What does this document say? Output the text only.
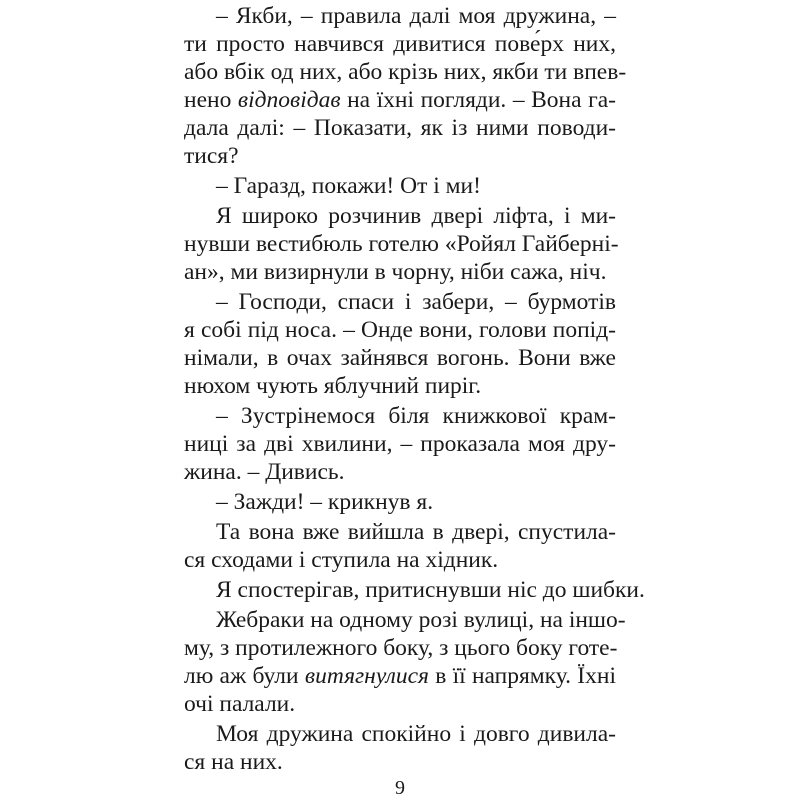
– Якби, – правила далі моя дружина, –
ти просто навчився дивитися пове́рх них,
або вбік од них, або крізь них, якби ти впев-
нено відповідав на їхні погляди. – Вона га-
дала далі: – Показати, як із ними поводи-
тися?
– Гаразд, покажи! От і ми!
Я широко розчинив двері ліфта, і ми-
нувши вестибюль готелю «Ройял Гайберні-
ан», ми визирнули в чорну, ніби сажа, ніч.
– Господи, спаси і забери, – бурмотів
я собі під носа. – Онде вони, голови попід-
німали, в очах зайнявся вогонь. Вони вже
нюхом чують яблучний пиріг.
– Зустрінемося біля книжкової крам-
ниці за дві хвилини, – проказала моя дру-
жина. – Дивись.
– Зажди! – крикнув я.
Та вона вже вийшла в двері, спустила-
ся сходами і ступила на хідник.
Я спостерігав, притиснувши ніс до шибки.
Жебраки на одному розі вулиці, на іншо-
му, з протилежного боку, з цього боку готе-
лю аж були витягнулися в її напрямку. Їхні
очі палали.
Моя дружина спокійно і довго дивила-
ся на них.
9
